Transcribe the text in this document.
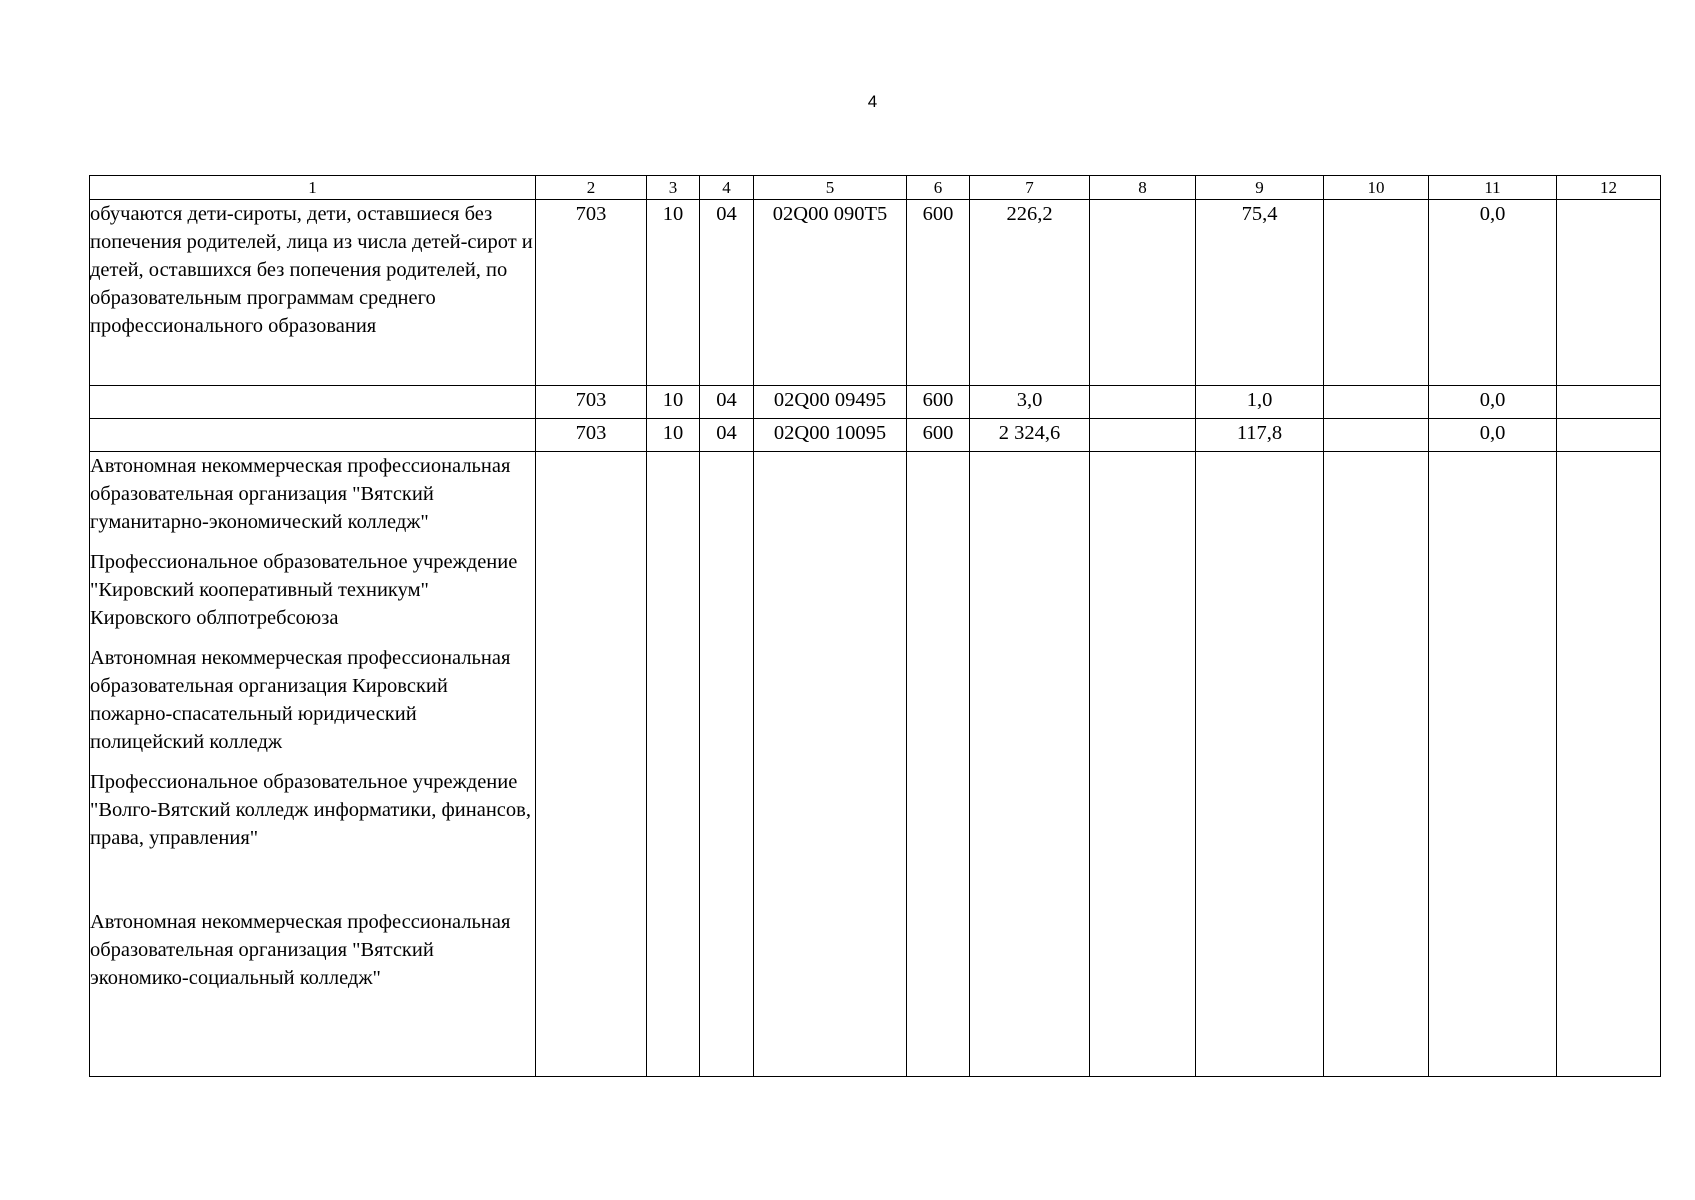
4
1	2	3	4	5	6	7	8	9	10	11	12
обучаются дети-сироты, дети, оставшиеся без попечения родителей, лица из числа детей-сирот и детей, оставшихся без попечения родителей, по образовательным программам среднего профессионального образования	703	10	04	02Q00 090Т5	600	226,2		75,4		0,0	
	703	10	04	02Q00 09495	600	3,0		1,0		0,0	
	703	10	04	02Q00 10095	600	2 324,6		117,8		0,0	

Автономная некоммерческая профессиональная образовательная организация "Вятский гуманитарно-экономический колледж"
Профессиональное образовательное учреждение "Кировский кооперативный техникум" Кировского облпотребсоюза
Автономная некоммерческая профессиональная образовательная организация Кировский пожарно-спасательный юридический полицейский колледж
Профессиональное образовательное учреждение "Волго-Вятский колледж информатики, финансов, права, управления"
Автономная некоммерческая профессиональная образовательная организация "Вятский экономико-социальный колледж"											
